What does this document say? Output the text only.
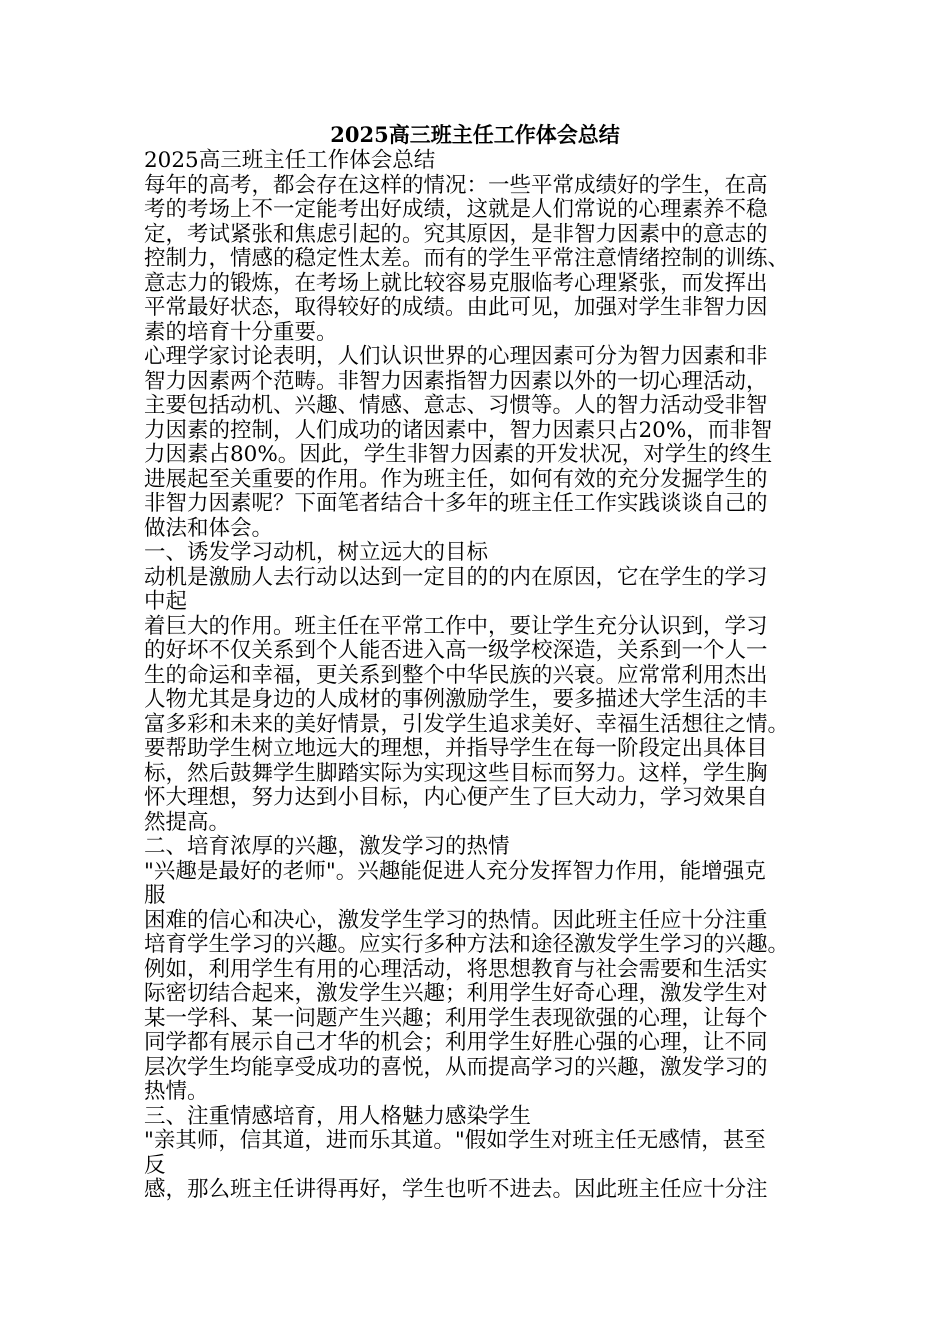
2025高三班主任工作体会总结

2025高三班主任工作体会总结

每年的高考，都会存在这样的情况：一些平常成绩好的学生，在高

考的考场上不一定能考出好成绩，这就是人们常说的心理素养不稳

定，考试紧张和焦虑引起的。究其原因，是非智力因素中的意志的

控制力，情感的稳定性太差。而有的学生平常注意情绪控制的训练、

意志力的锻炼，在考场上就比较容易克服临考心理紧张，而发挥出

平常最好状态，取得较好的成绩。由此可见，加强对学生非智力因

素的培育十分重要。

心理学家讨论表明，人们认识世界的心理因素可分为智力因素和非

智力因素两个范畴。非智力因素指智力因素以外的一切心理活动，

主要包括动机、兴趣、情感、意志、习惯等。人的智力活动受非智

力因素的控制，人们成功的诸因素中，智力因素只占20%，而非智

力因素占80%。因此，学生非智力因素的开发状况，对学生的终生

进展起至关重要的作用。作为班主任，如何有效的充分发掘学生的

非智力因素呢？下面笔者结合十多年的班主任工作实践谈谈自己的

做法和体会。

一、诱发学习动机，树立远大的目标

动机是激励人去行动以达到一定目的的内在原因，它在学生的学习

中起

着巨大的作用。班主任在平常工作中，要让学生充分认识到，学习

的好坏不仅关系到个人能否进入高一级学校深造，关系到一个人一

生的命运和幸福，更关系到整个中华民族的兴衰。应常常利用杰出

人物尤其是身边的人成材的事例激励学生，要多描述大学生活的丰

富多彩和未来的美好情景，引发学生追求美好、幸福生活想往之情。

要帮助学生树立地远大的理想，并指导学生在每一阶段定出具体目

标，然后鼓舞学生脚踏实际为实现这些目标而努力。这样，学生胸

怀大理想，努力达到小目标，内心便产生了巨大动力，学习效果自

然提高。

二、培育浓厚的兴趣，激发学习的热情

"兴趣是最好的老师"。兴趣能促进人充分发挥智力作用，能增强克

服

困难的信心和决心，激发学生学习的热情。因此班主任应十分注重

培育学生学习的兴趣。应实行多种方法和途径激发学生学习的兴趣。

例如，利用学生有用的心理活动，将思想教育与社会需要和生活实

际密切结合起来，激发学生兴趣；利用学生好奇心理，激发学生对

某一学科、某一问题产生兴趣；利用学生表现欲强的心理，让每个

同学都有展示自己才华的机会；利用学生好胜心强的心理，让不同

层次学生均能享受成功的喜悦，从而提高学习的兴趣，激发学习的

热情。

三、注重情感培育，用人格魅力感染学生

"亲其师，信其道，进而乐其道。"假如学生对班主任无感情，甚至

反

感，那么班主任讲得再好，学生也听不进去。因此班主任应十分注
